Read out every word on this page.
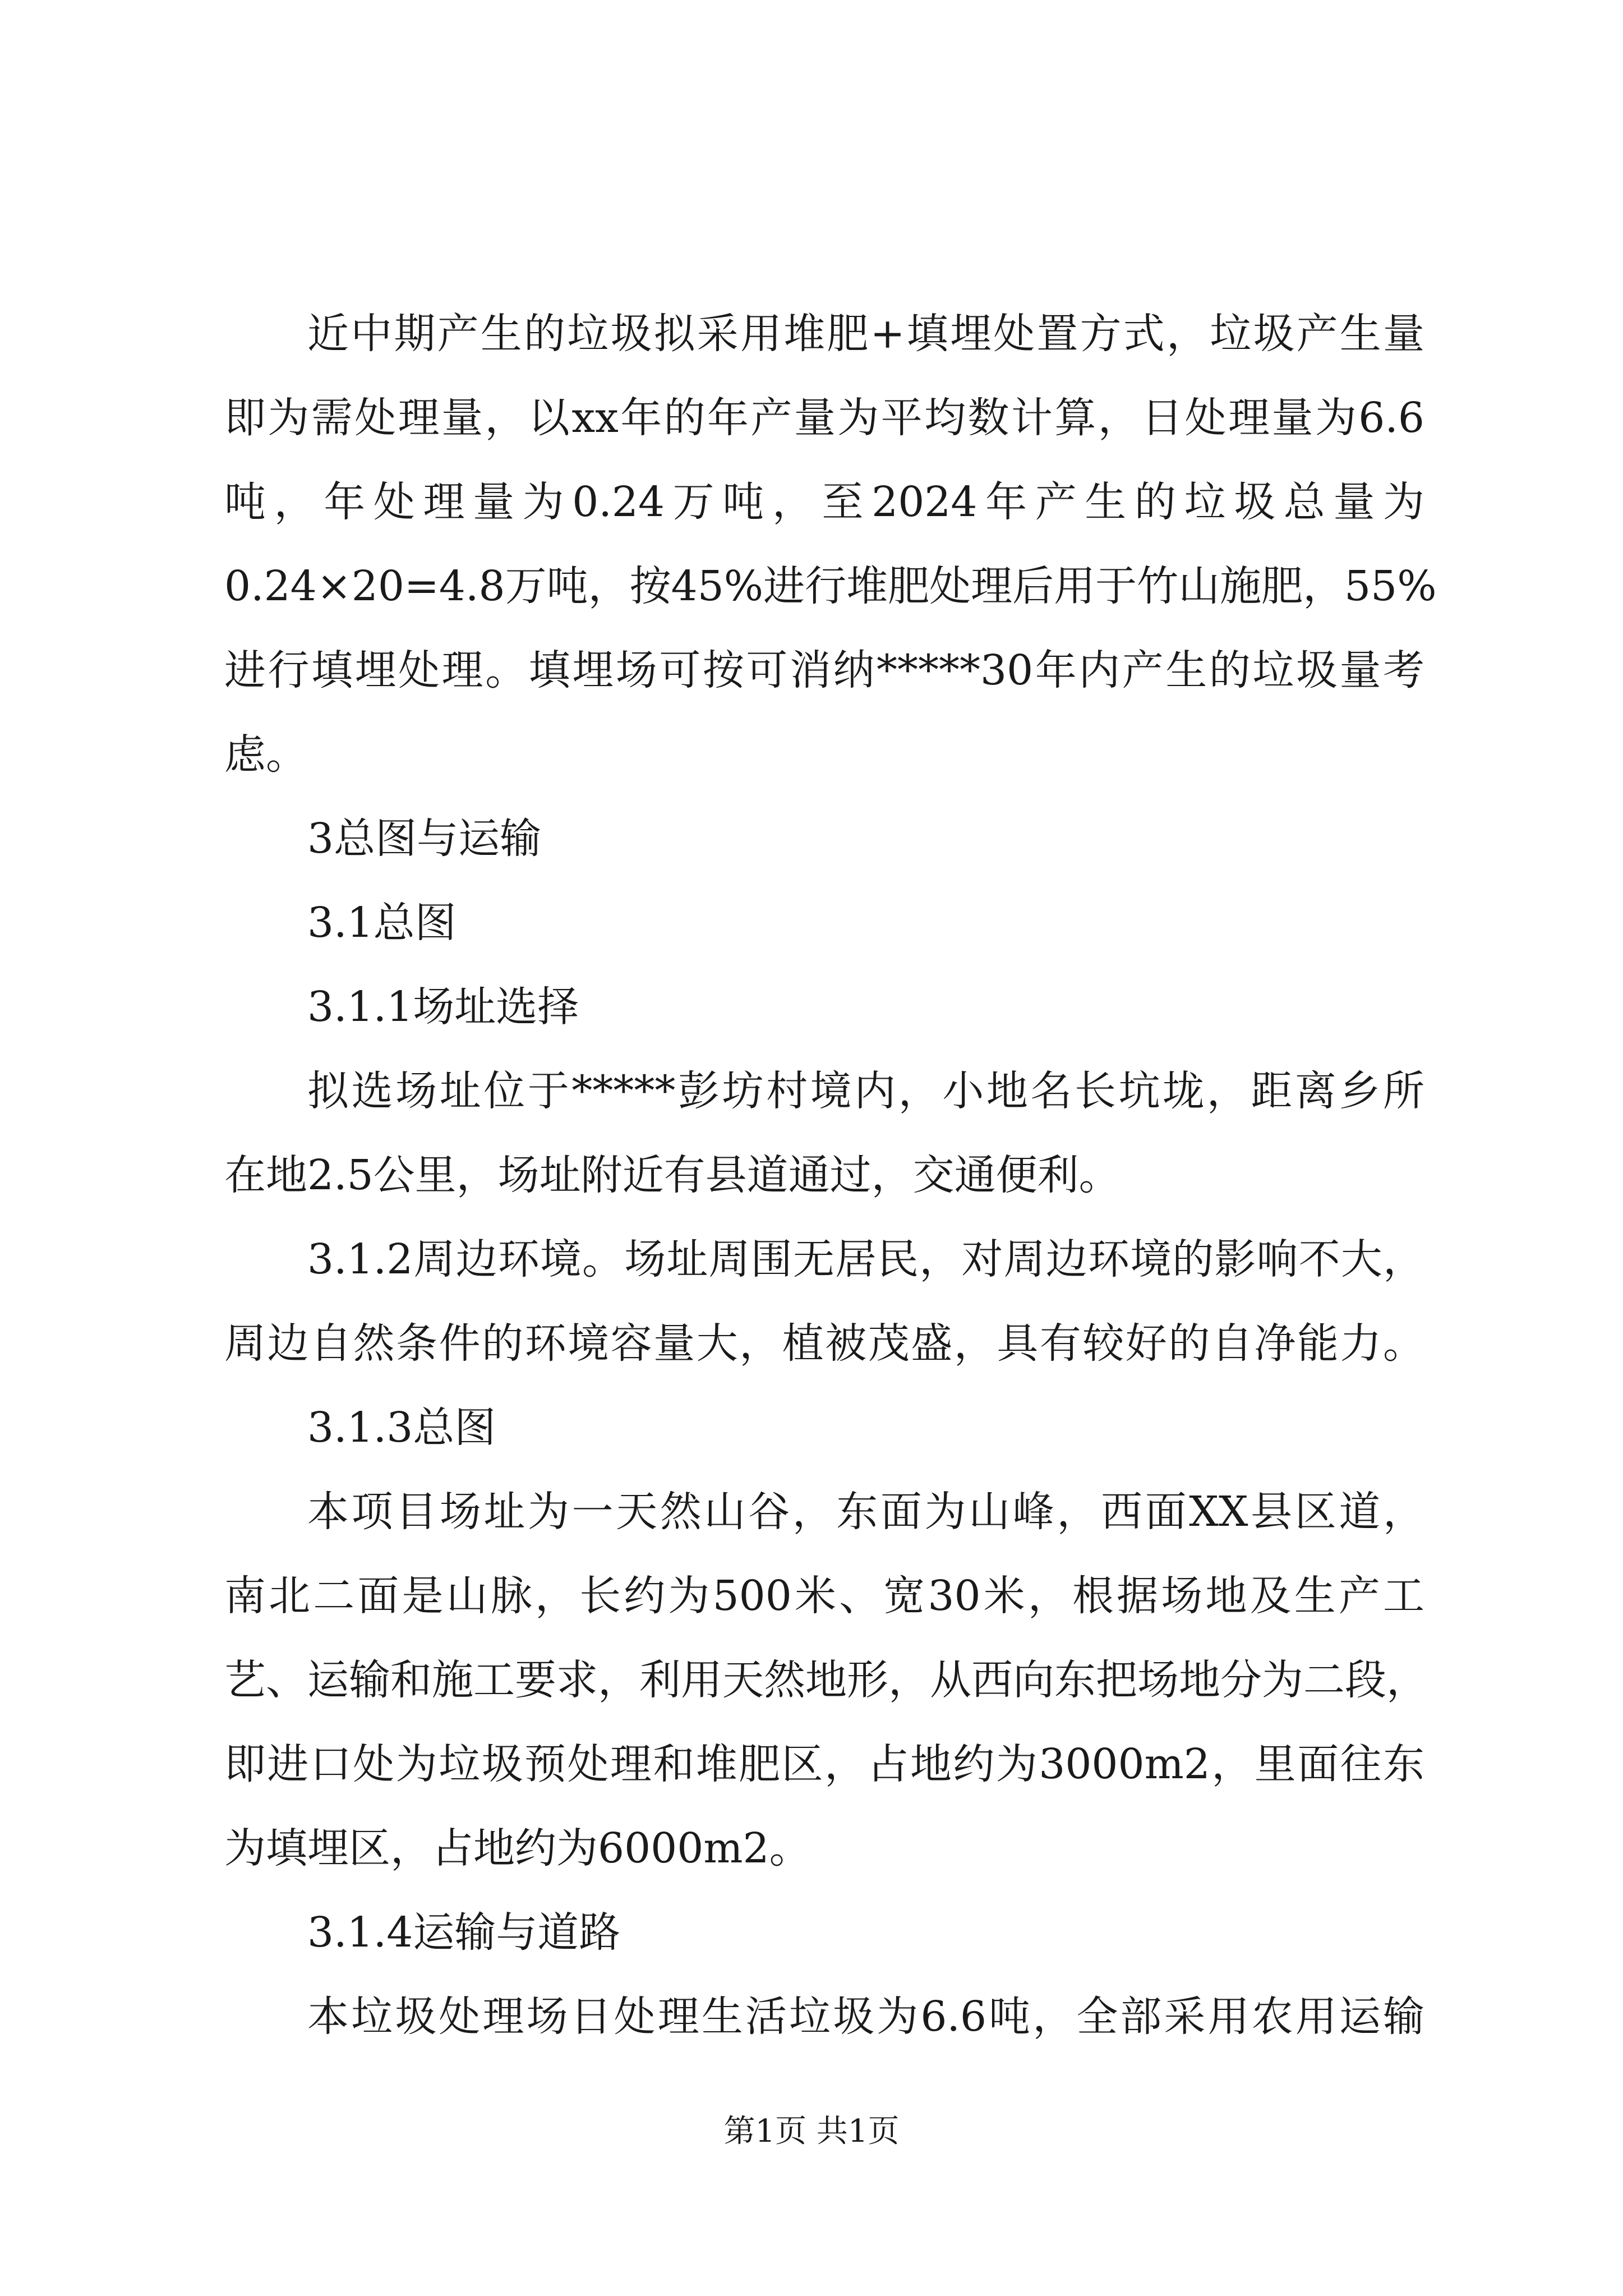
近中期产生的垃圾拟采用堆肥+填埋处置方式，垃圾产生量
即为需处理量，以xx年的年产量为平均数计算，日处理量为6.6
吨，年处理量为0.24万吨，至2024年产生的垃圾总量为
0.24×20=4.8万吨，按45%进行堆肥处理后用于竹山施肥，55%
进行填埋处理。填埋场可按可消纳*****30年内产生的垃圾量考
虑。
3总图与运输
3.1总图
3.1.1场址选择
拟选场址位于*****彭坊村境内，小地名长坑垅，距离乡所
在地2.5公里，场址附近有县道通过，交通便利。
3.1.2周边环境。场址周围无居民，对周边环境的影响不大，
周边自然条件的环境容量大，植被茂盛，具有较好的自净能力。
3.1.3总图
本项目场址为一天然山谷，东面为山峰，西面XX县区道，
南北二面是山脉，长约为500米、宽30米，根据场地及生产工
艺、运输和施工要求，利用天然地形，从西向东把场地分为二段，
即进口处为垃圾预处理和堆肥区，占地约为3000m2，里面往东
为填埋区，占地约为6000m2。
3.1.4运输与道路
本垃圾处理场日处理生活垃圾为6.6吨，全部采用农用运输
第1页 共1页
